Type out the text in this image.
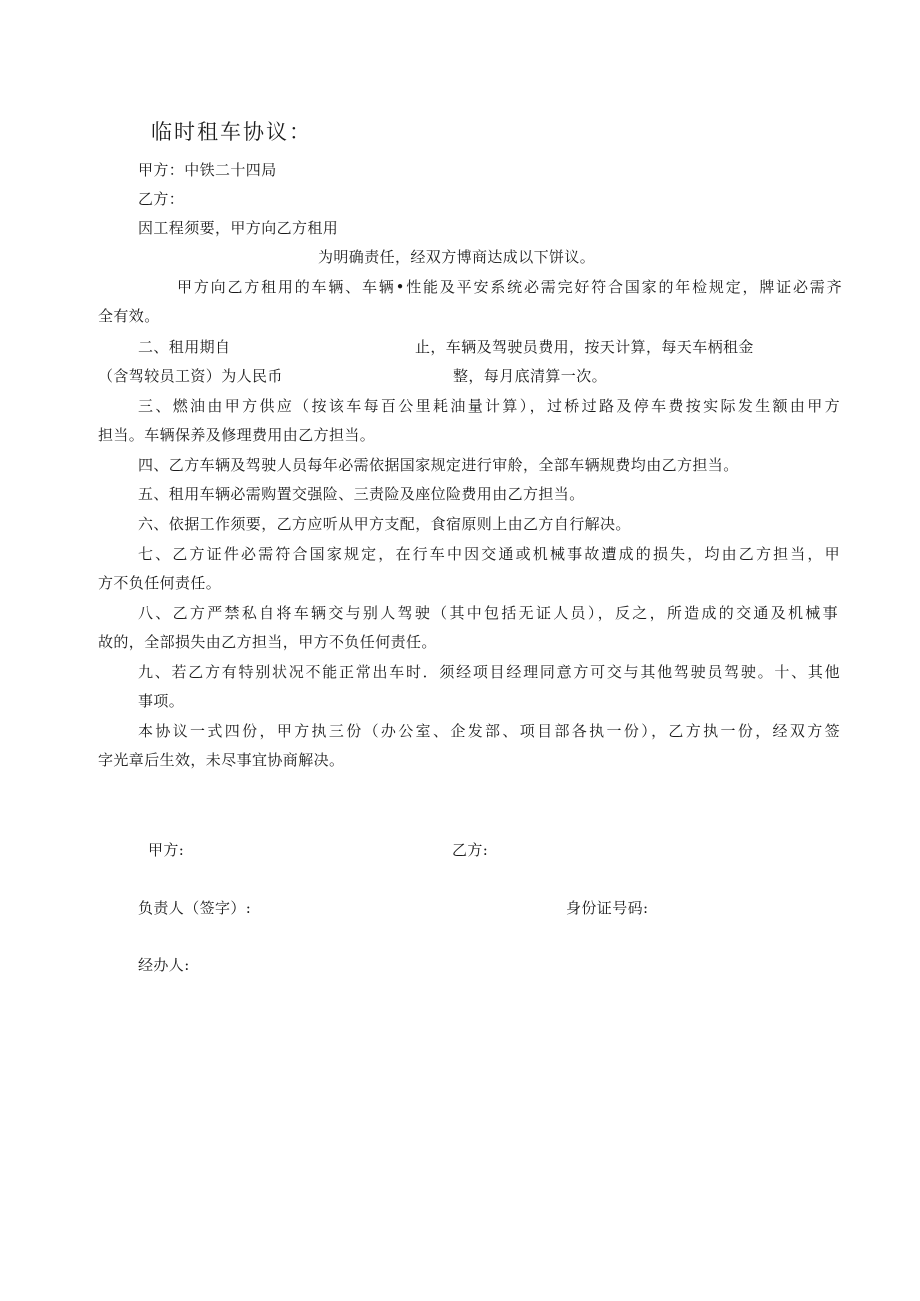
临时租车协议：
甲方：中铁二十四局
乙方：
因工程须要，甲方向乙方租用
为明确责任，经双方博商达成以下饼议。
甲方向乙方租用的车辆、车辆•性能及平安系统必需完好符合国家的年检规定，牌证必需齐
全有效。
二、租用期自	止，车辆及驾驶员费用，按天计算，每天车柄租金
（含驾较员工资）为人民币	整，每月底清算一次。
三、燃油由甲方供应（按该车每百公里耗油量计算），过桥过路及停车费按实际发生额由甲方
担当。车辆保养及修理费用由乙方担当。
四、乙方车辆及驾驶人员每年必需依据国家规定进行审舲，全部车辆规费均由乙方担当。
五、租用车辆必需购置交强险、三责险及座位险费用由乙方担当。
六、依据工作须要，乙方应听从甲方支配，食宿原则上由乙方自行解决。
七、乙方证件必需符合国家规定，在行车中因交通或机械事故遭成的损失，均由乙方担当，甲
方不负任何责任。
八、乙方严禁私自将车辆交与别人驾驶（其中包括无证人员），反之，所造成的交通及机械事
故的，全部损失由乙方担当，甲方不负任何责任。
九、若乙方有特别状况不能正常出车时．须经项目经理同意方可交与其他驾驶员驾驶。十、其他
事项。
本协议一式四份，甲方执三份（办公室、企发部、项目部各执一份），乙方执一份，经双方签
字光章后生效，未尽事宜协商解决。
甲方:	乙方:
负责人（签字）:	身份证号码:
经办人:
